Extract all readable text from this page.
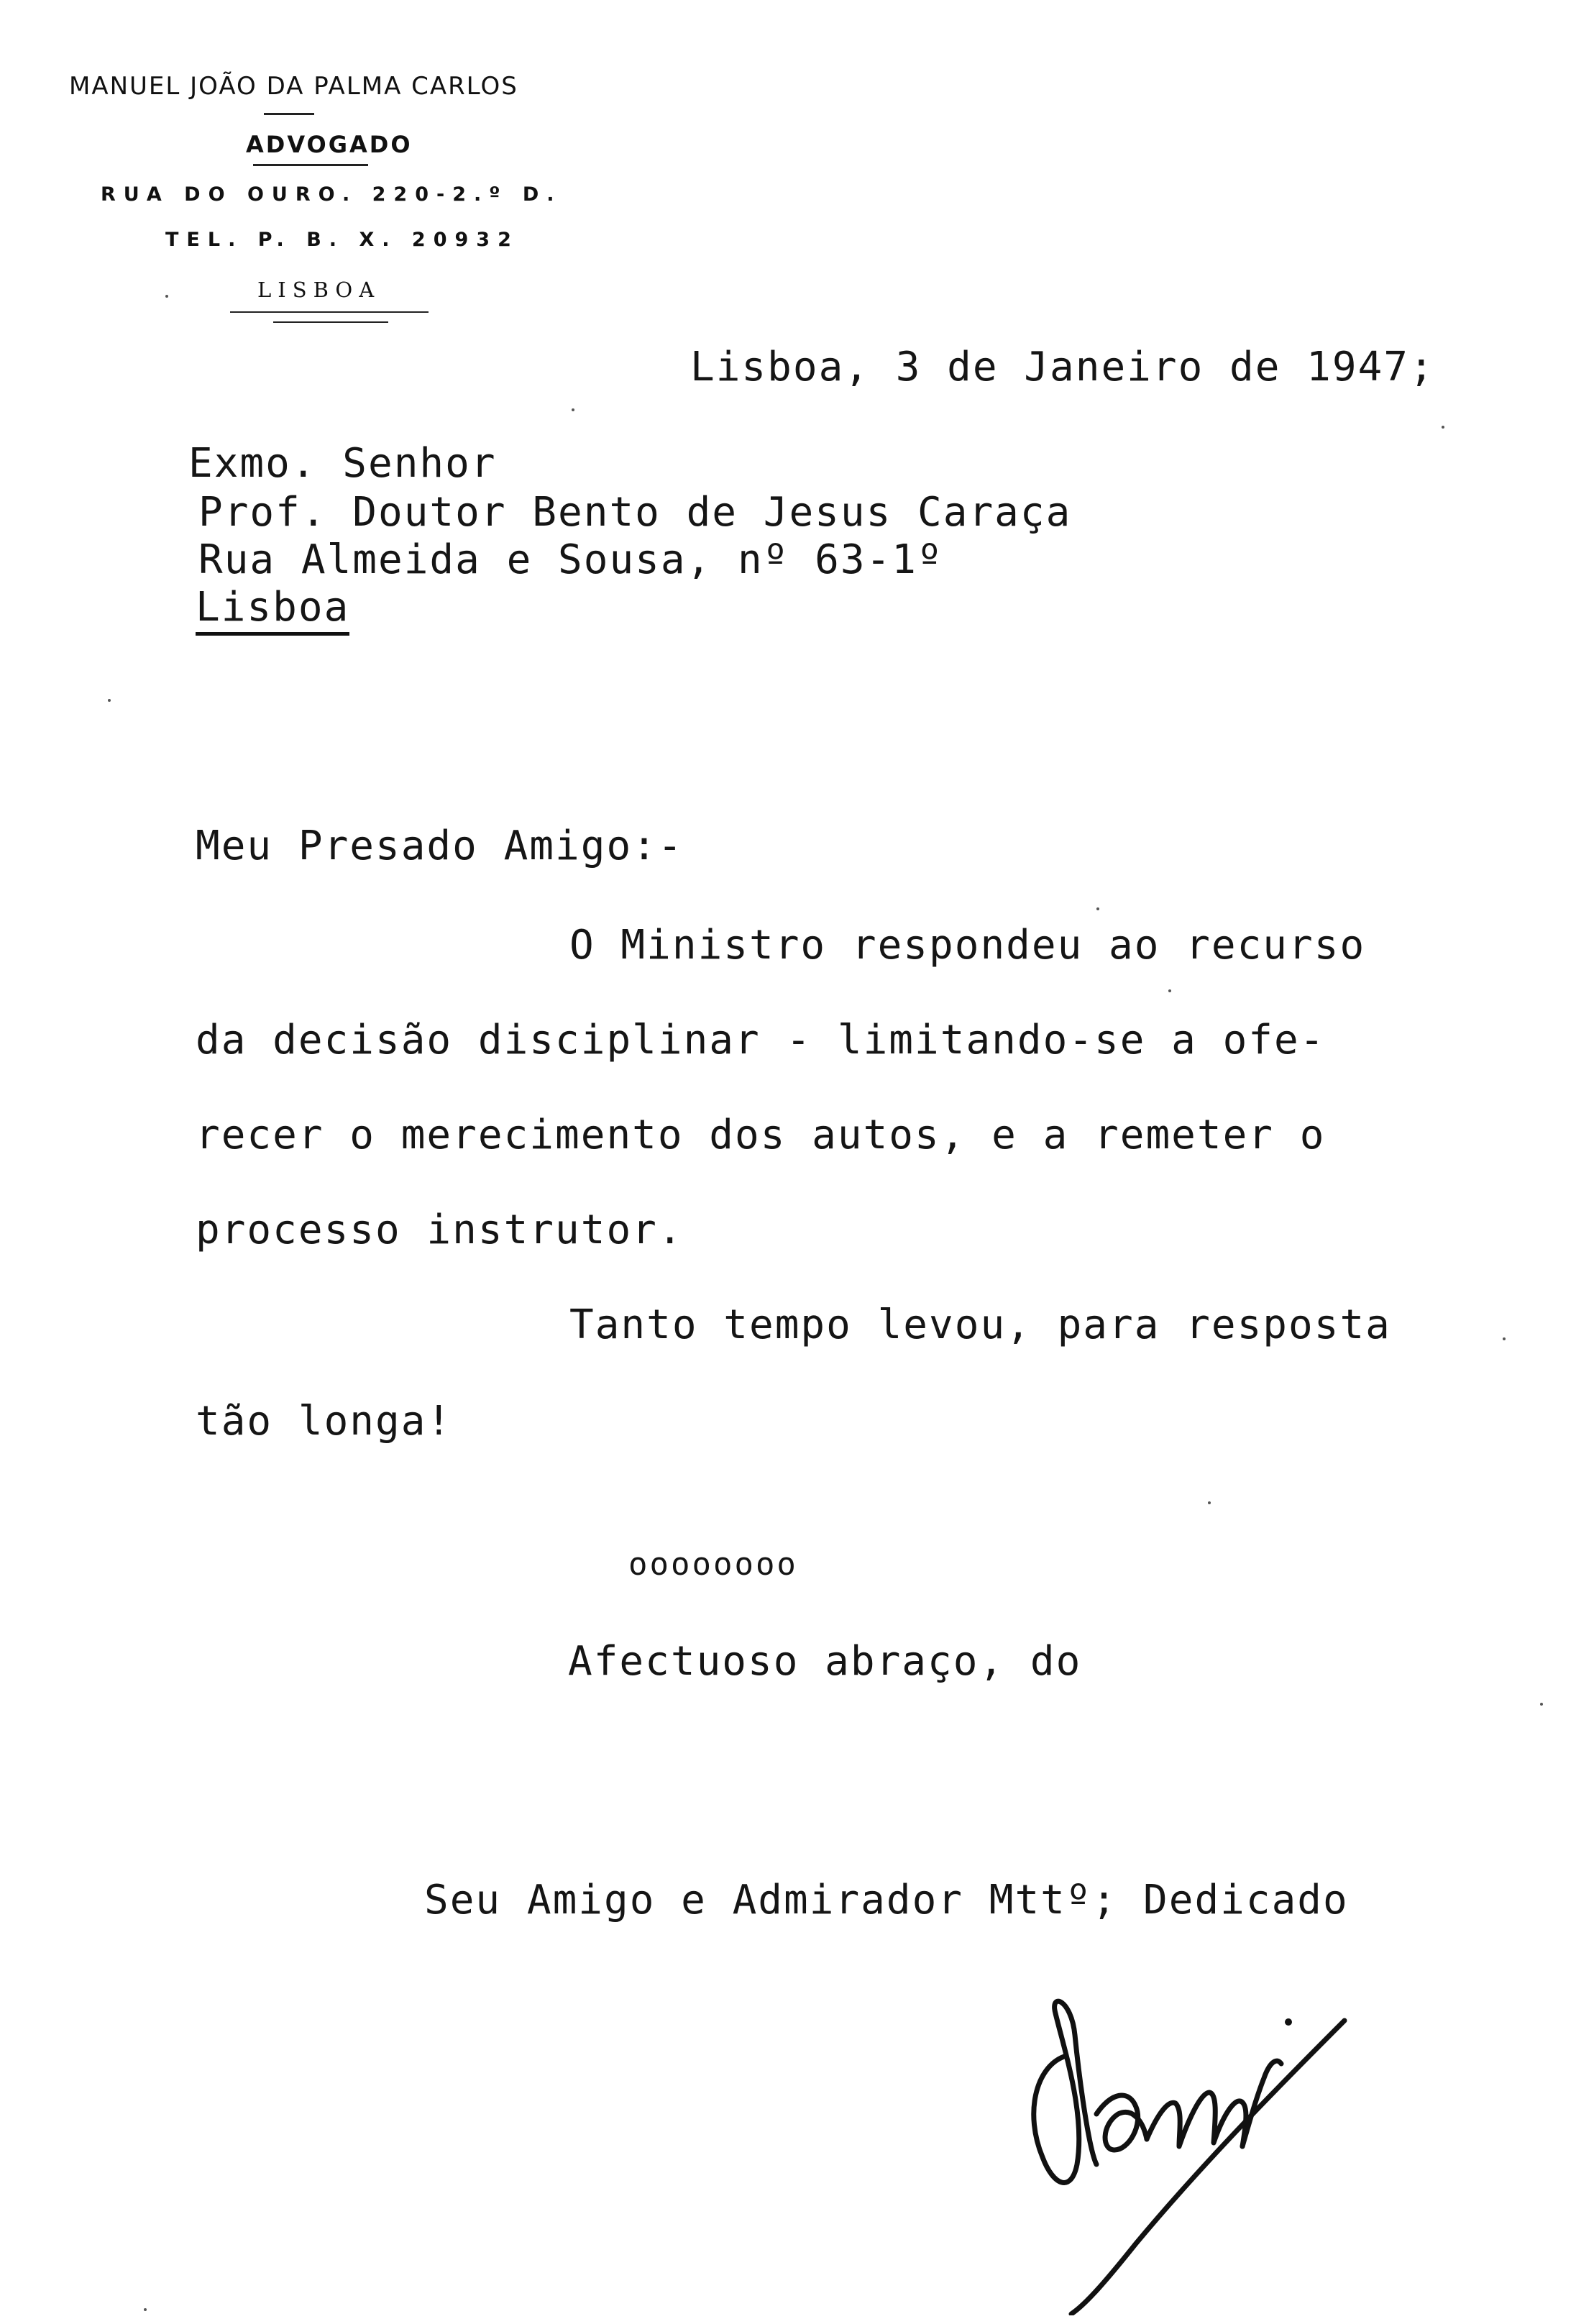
MANUEL JOÃO DA PALMA CARLOS
ADVOGADO
RUA DO OURO. 220-2.º D.
TEL. P. B. X. 20932
LISBOA
Lisboa, 3 de Janeiro de 1947;
Exmo. Senhor
Prof. Doutor Bento de Jesus Caraça
Rua Almeida e Sousa, nº 63-1º
Lisboa
Meu Presado Amigo:-
O Ministro respondeu ao recurso
da decisão disciplinar - limitando-se a ofe-
recer o merecimento dos autos, e a remeter o
processo instrutor.
Tanto tempo levou, para resposta
tão longa!
oooooooo
Afectuoso abraço, do
Seu Amigo e Admirador Mttº; Dedicado
